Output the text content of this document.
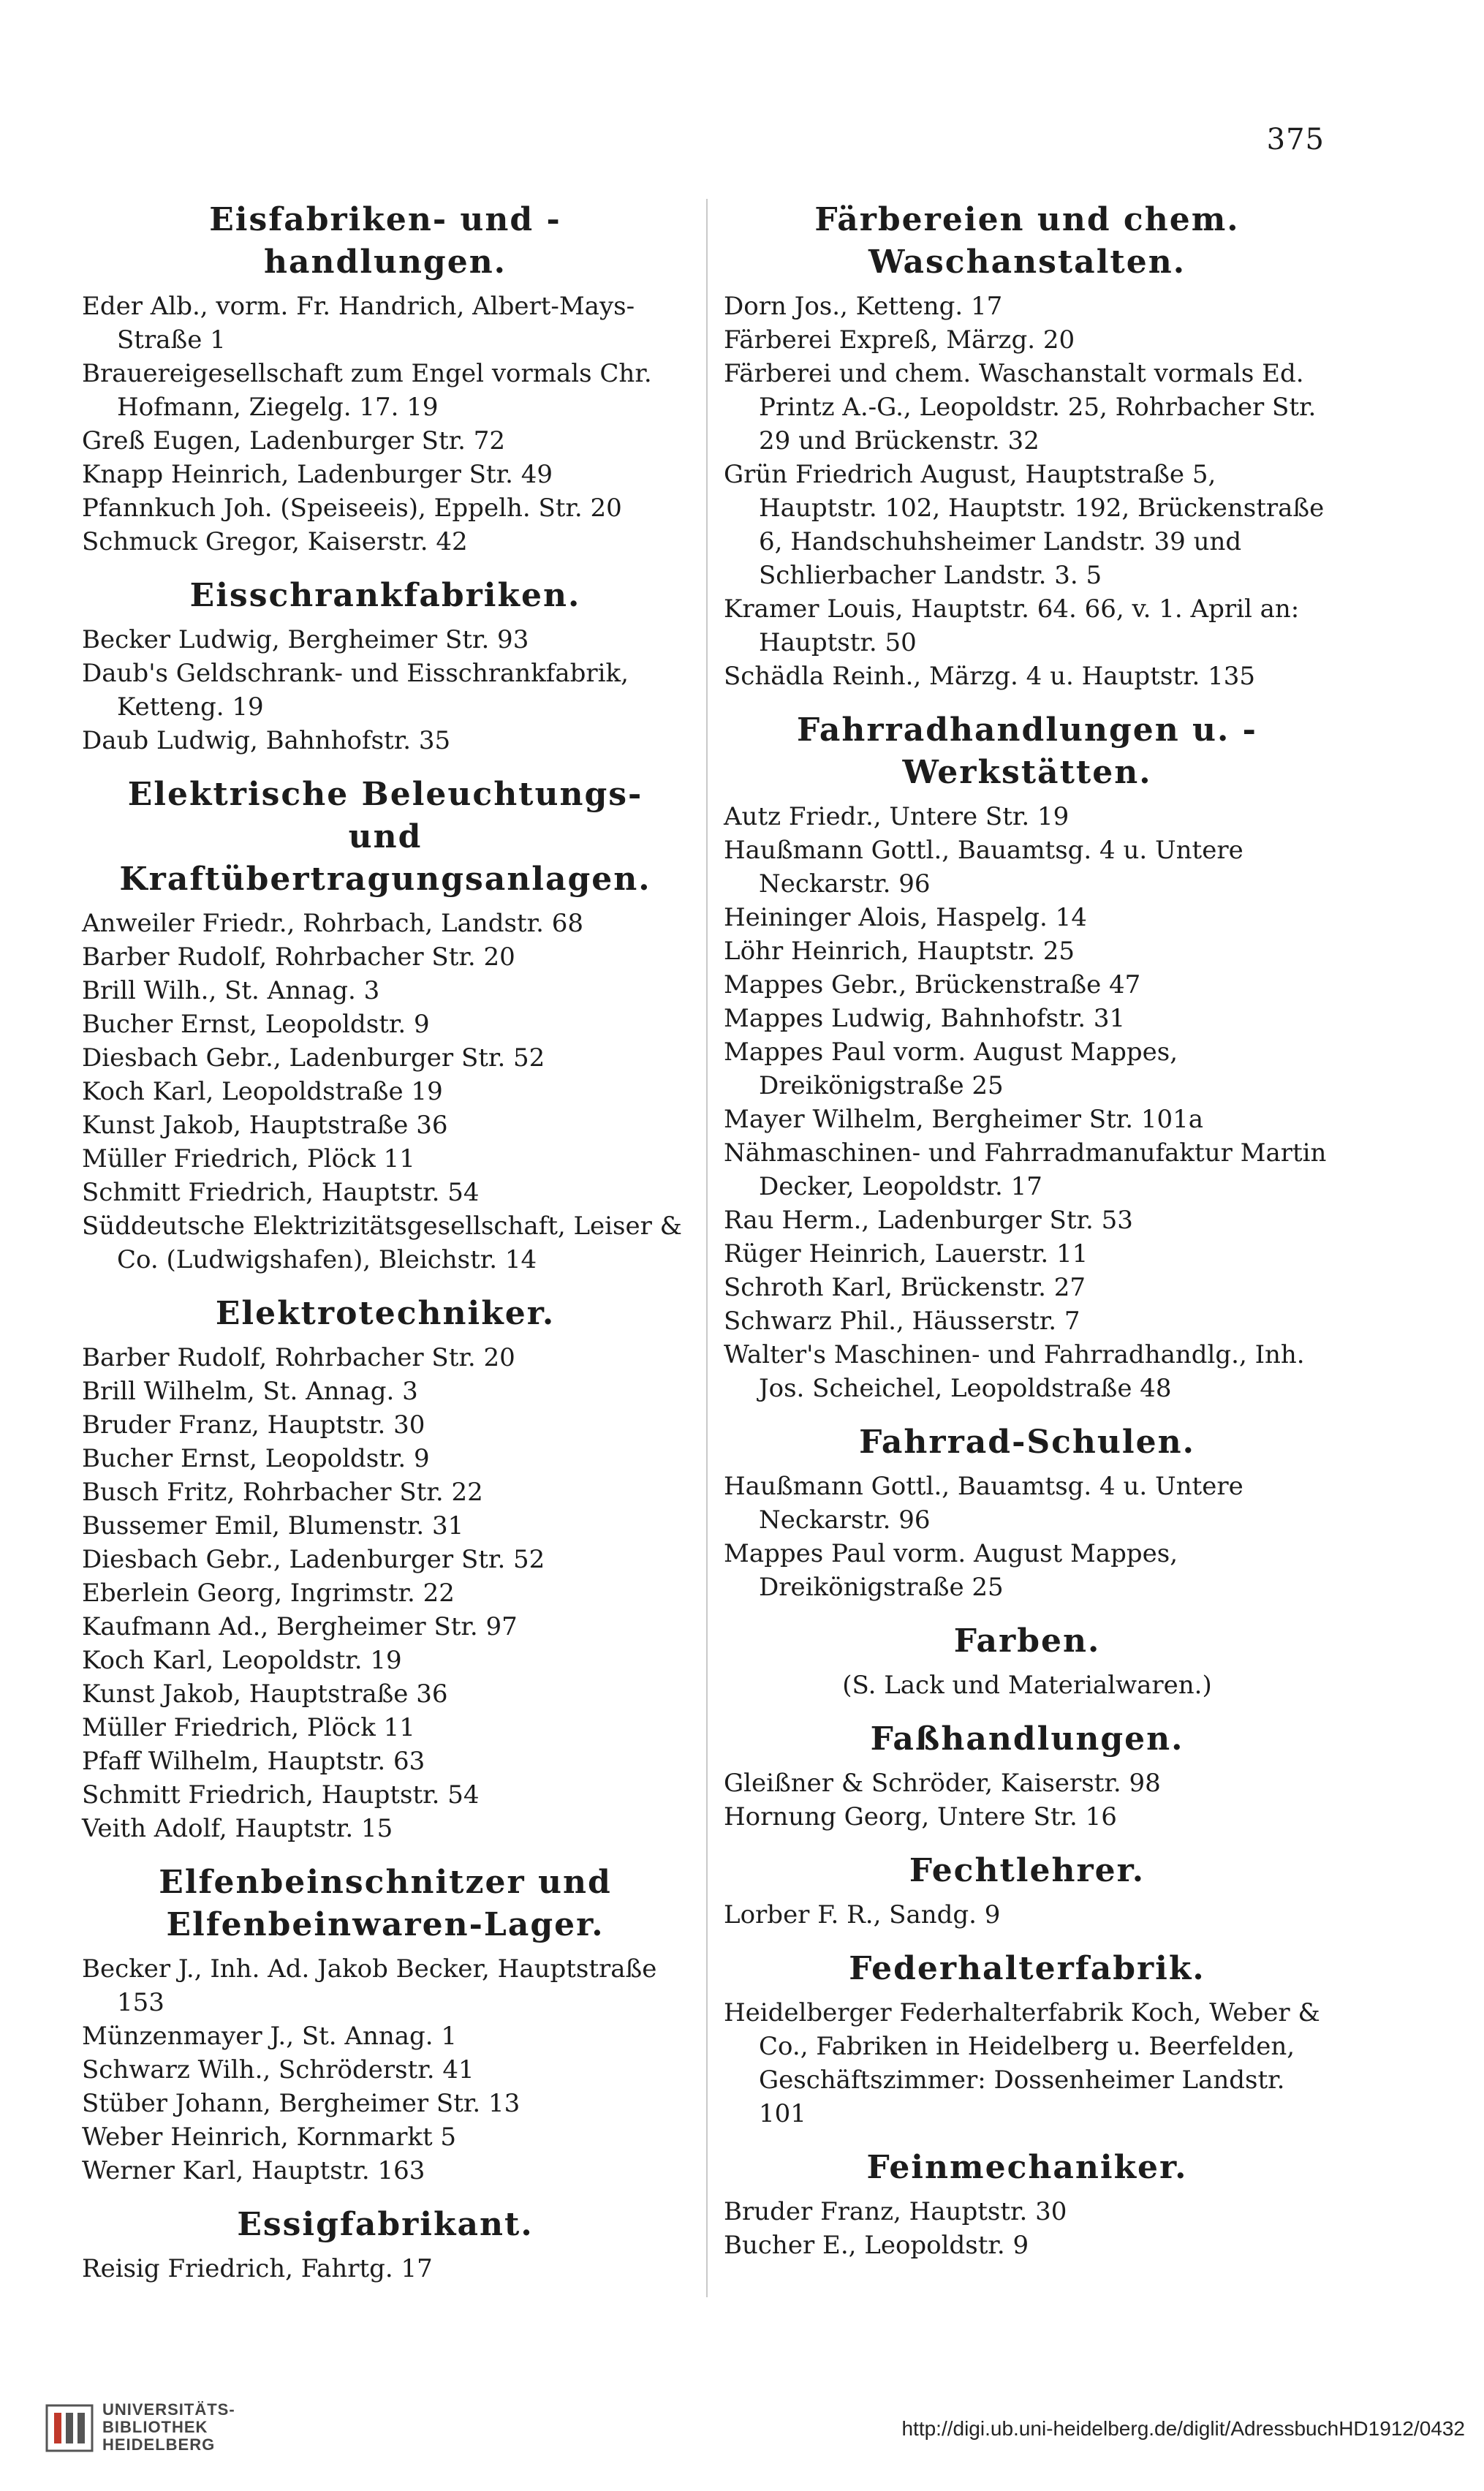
375
Eisfabriken- und -handlungen.
Eder Alb., vorm. Fr. Handrich, Albert-Mays-Straße 1
Brauereigesellschaft zum Engel vormals Chr. Hofmann, Ziegelg. 17. 19
Greß Eugen, Ladenburger Str. 72
Knapp Heinrich, Ladenburger Str. 49
Pfannkuch Joh. (Speiseeis), Eppelh. Str. 20
Schmuck Gregor, Kaiserstr. 42
Eisschrankfabriken.
Becker Ludwig, Bergheimer Str. 93
Daub's Geldschrank- und Eisschrankfabrik, Ketteng. 19
Daub Ludwig, Bahnhofstr. 35
Elektrische Beleuchtungs- und Kraftübertragungsanlagen.
Anweiler Friedr., Rohrbach, Landstr. 68
Barber Rudolf, Rohrbacher Str. 20
Brill Wilh., St. Annag. 3
Bucher Ernst, Leopoldstr. 9
Diesbach Gebr., Ladenburger Str. 52
Koch Karl, Leopoldstraße 19
Kunst Jakob, Hauptstraße 36
Müller Friedrich, Plöck 11
Schmitt Friedrich, Hauptstr. 54
Süddeutsche Elektrizitätsgesellschaft, Leiser & Co. (Ludwigshafen), Bleichstr. 14
Elektrotechniker.
Barber Rudolf, Rohrbacher Str. 20
Brill Wilhelm, St. Annag. 3
Bruder Franz, Hauptstr. 30
Bucher Ernst, Leopoldstr. 9
Busch Fritz, Rohrbacher Str. 22
Bussemer Emil, Blumenstr. 31
Diesbach Gebr., Ladenburger Str. 52
Eberlein Georg, Ingrimstr. 22
Kaufmann Ad., Bergheimer Str. 97
Koch Karl, Leopoldstr. 19
Kunst Jakob, Hauptstraße 36
Müller Friedrich, Plöck 11
Pfaff Wilhelm, Hauptstr. 63
Schmitt Friedrich, Hauptstr. 54
Veith Adolf, Hauptstr. 15
Elfenbeinschnitzer und Elfenbeinwaren-Lager.
Becker J., Inh. Ad. Jakob Becker, Hauptstraße 153
Münzenmayer J., St. Annag. 1
Schwarz Wilh., Schröderstr. 41
Stüber Johann, Bergheimer Str. 13
Weber Heinrich, Kornmarkt 5
Werner Karl, Hauptstr. 163
Essigfabrikant.
Reisig Friedrich, Fahrtg. 17
Färbereien und chem. Waschanstalten.
Dorn Jos., Ketteng. 17
Färberei Expreß, Märzg. 20
Färberei und chem. Waschanstalt vormals Ed. Printz A.-G., Leopoldstr. 25, Rohrbacher Str. 29 und Brückenstr. 32
Grün Friedrich August, Hauptstraße 5, Hauptstr. 102, Hauptstr. 192, Brückenstraße 6, Handschuhsheimer Landstr. 39 und Schlierbacher Landstr. 3. 5
Kramer Louis, Hauptstr. 64. 66, v. 1. April an: Hauptstr. 50
Schädla Reinh., Märzg. 4 u. Hauptstr. 135
Fahrradhandlungen u. -Werkstätten.
Autz Friedr., Untere Str. 19
Haußmann Gottl., Bauamtsg. 4 u. Untere Neckarstr. 96
Heininger Alois, Haspelg. 14
Löhr Heinrich, Hauptstr. 25
Mappes Gebr., Brückenstraße 47
Mappes Ludwig, Bahnhofstr. 31
Mappes Paul vorm. August Mappes, Dreikönigstraße 25
Mayer Wilhelm, Bergheimer Str. 101a
Nähmaschinen- und Fahrradmanufaktur Martin Decker, Leopoldstr. 17
Rau Herm., Ladenburger Str. 53
Rüger Heinrich, Lauerstr. 11
Schroth Karl, Brückenstr. 27
Schwarz Phil., Häusserstr. 7
Walter's Maschinen- und Fahrradhandlg., Inh. Jos. Scheichel, Leopoldstraße 48
Fahrrad-Schulen.
Haußmann Gottl., Bauamtsg. 4 u. Untere Neckarstr. 96
Mappes Paul vorm. August Mappes, Dreikönigstraße 25
Farben.
(S. Lack und Materialwaren.)
Faßhandlungen.
Gleißner & Schröder, Kaiserstr. 98
Hornung Georg, Untere Str. 16
Fechtlehrer.
Lorber F. R., Sandg. 9
Federhalterfabrik.
Heidelberger Federhalterfabrik Koch, Weber & Co., Fabriken in Heidelberg u. Beerfelden, Geschäftszimmer: Dossenheimer Landstr. 101
Feinmechaniker.
Bruder Franz, Hauptstr. 30
Bucher E., Leopoldstr. 9
UNIVERSITÄTS-
BIBLIOTHEK
HEIDELBERG
http://digi.ub.uni-heidelberg.de/diglit/AdressbuchHD1912/0432
